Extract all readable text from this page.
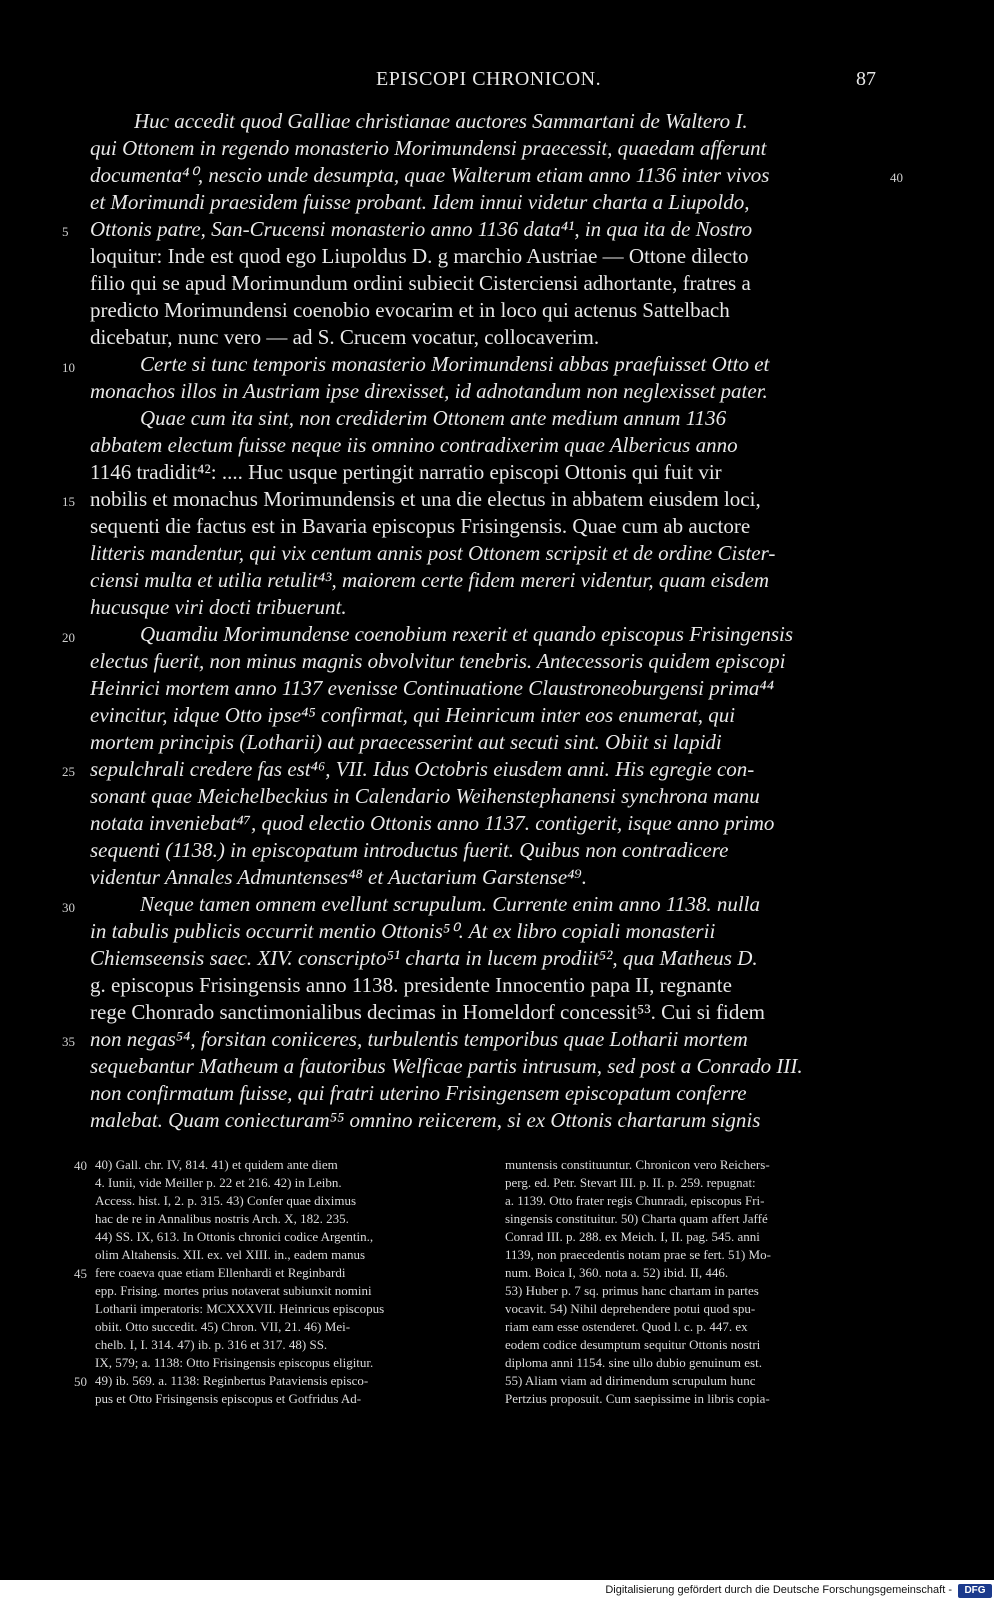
EPISCOPI CHRONICON.	87
Huc accedit quod Galliae christianae auctores Sammartani de Waltero I.
qui Ottonem in regendo monasterio Morimundensi praecessit, quaedam afferunt
documenta⁴⁰, nescio unde desumpta, quae Walterum etiam anno 1136 inter vivos
et Morimundi praesidem fuisse probant. Idem innui videtur charta a Liupoldo,
Ottonis patre, San-Crucensi monasterio anno 1136 data⁴¹, in qua ita de Nostro
loquitur: Inde est quod ego Liupoldus D. g marchio Austriae — Ottone dilecto
filio qui se apud Morimundum ordini subiecit Cisterciensi adhortante, fratres a
predicto Morimundensi coenobio evocarim et in loco qui actenus Sattelbach
dicebatur, nunc vero — ad S. Crucem vocatur, collocaverim.
Certe si tunc temporis monasterio Morimundensi abbas praefuisset Otto et
monachos illos in Austriam ipse direxisset, id adnotandum non neglexisset pater.
Quae cum ita sint, non crediderim Ottonem ante medium annum 1136
abbatem electum fuisse neque iis omnino contradixerim quae Albericus anno
1146 tradidit⁴²: .... Huc usque pertingit narratio episcopi Ottonis qui fuit vir
nobilis et monachus Morimundensis et una die electus in abbatem eiusdem loci,
sequenti die factus est in Bavaria episcopus Frisingensis. Quae cum ab auctore
litteris mandentur, qui vix centum annis post Ottonem scripsit et de ordine Cister-
ciensi multa et utilia retulit⁴³, maiorem certe fidem mereri videntur, quam eisdem
hucusque viri docti tribuerunt.
Quamdiu Morimundense coenobium rexerit et quando episcopus Frisingensis
electus fuerit, non minus magnis obvolvitur tenebris. Antecessoris quidem episcopi
Heinrici mortem anno 1137 evenisse Continuatione Claustroneoburgensi prima⁴⁴
evincitur, idque Otto ipse⁴⁵ confirmat, qui Heinricum inter eos enumerat, qui
mortem principis (Lotharii) aut praecesserint aut secuti sint. Obiit si lapidi
sepulchrali credere fas est⁴⁶, VII. Idus Octobris eiusdem anni. His egregie con-
sonant quae Meichelbeckius in Calendario Weihenstephanensi synchrona manu
notata inveniebat⁴⁷, quod electio Ottonis anno 1137. contigerit, isque anno primo
sequenti (1138.) in episcopatum introductus fuerit. Quibus non contradicere
videntur Annales Admuntenses⁴⁸ et Auctarium Garstense⁴⁹.
Neque tamen omnem evellunt scrupulum. Currente enim anno 1138. nulla
in tabulis publicis occurrit mentio Ottonis⁵⁰. At ex libro copiali monasterii
Chiemseensis saec. XIV. conscripto⁵¹ charta in lucem prodiit⁵², qua Matheus D.
g. episcopus Frisingensis anno 1138. presidente Innocentio papa II, regnante
rege Chonrado sanctimonialibus decimas in Homeldorf concessit⁵³. Cui si fidem
non negas⁵⁴, forsitan coniiceres, turbulentis temporibus quae Lotharii mortem
sequebantur Matheum a fautoribus Welficae partis intrusum, sed post a Conrado III.
non confirmatum fuisse, qui fratri uterino Frisingensem episcopatum conferre
malebat. Quam coniecturam⁵⁵ omnino reiicerem, si ex Ottonis chartarum signis
5
10
15
20
25
30
35
40
40
45
50
40) Gall. chr. IV, 814. 41) et quidem ante diem
4. Iunii, vide Meiller p. 22 et 216. 42) in Leibn.
Access. hist. I, 2. p. 315. 43) Confer quae diximus
hac de re in Annalibus nostris Arch. X, 182. 235.
44) SS. IX, 613. In Ottonis chronici codice Argentin.,
olim Altahensis. XII. ex. vel XIII. in., eadem manus
fere coaeva quae etiam Ellenhardi et Reginbardi
epp. Frising. mortes prius notaverat subiunxit nomini
Lotharii imperatoris: MCXXXVII. Heinricus episcopus
obiit. Otto succedit. 45) Chron. VII, 21. 46) Mei-
chelb. I, I. 314. 47) ib. p. 316 et 317. 48) SS.
IX, 579; a. 1138: Otto Frisingensis episcopus eligitur.
49) ib. 569. a. 1138: Reginbertus Pataviensis episco-
pus et Otto Frisingensis episcopus et Gotfridus Ad-
muntensis constituuntur. Chronicon vero Reichers-
perg. ed. Petr. Stevart III. p. II. p. 259. repugnat:
a. 1139. Otto frater regis Chunradi, episcopus Fri-
singensis constituitur. 50) Charta quam affert Jaffé
Conrad III. p. 288. ex Meich. I, II. pag. 545. anni
1139, non praecedentis notam prae se fert. 51) Mo-
num. Boica I, 360. nota a. 52) ibid. II, 446.
53) Huber p. 7 sq. primus hanc chartam in partes
vocavit. 54) Nihil deprehendere potui quod spu-
riam eam esse ostenderet. Quod l. c. p. 447. ex
eodem codice desumptum sequitur Ottonis nostri
diploma anni 1154. sine ullo dubio genuinum est.
55) Aliam viam ad dirimendum scrupulum hunc
Pertzius proposuit. Cum saepissime in libris copia-
Digitalisierung gefördert durch die Deutsche Forschungsgemeinschaft -	DFG
